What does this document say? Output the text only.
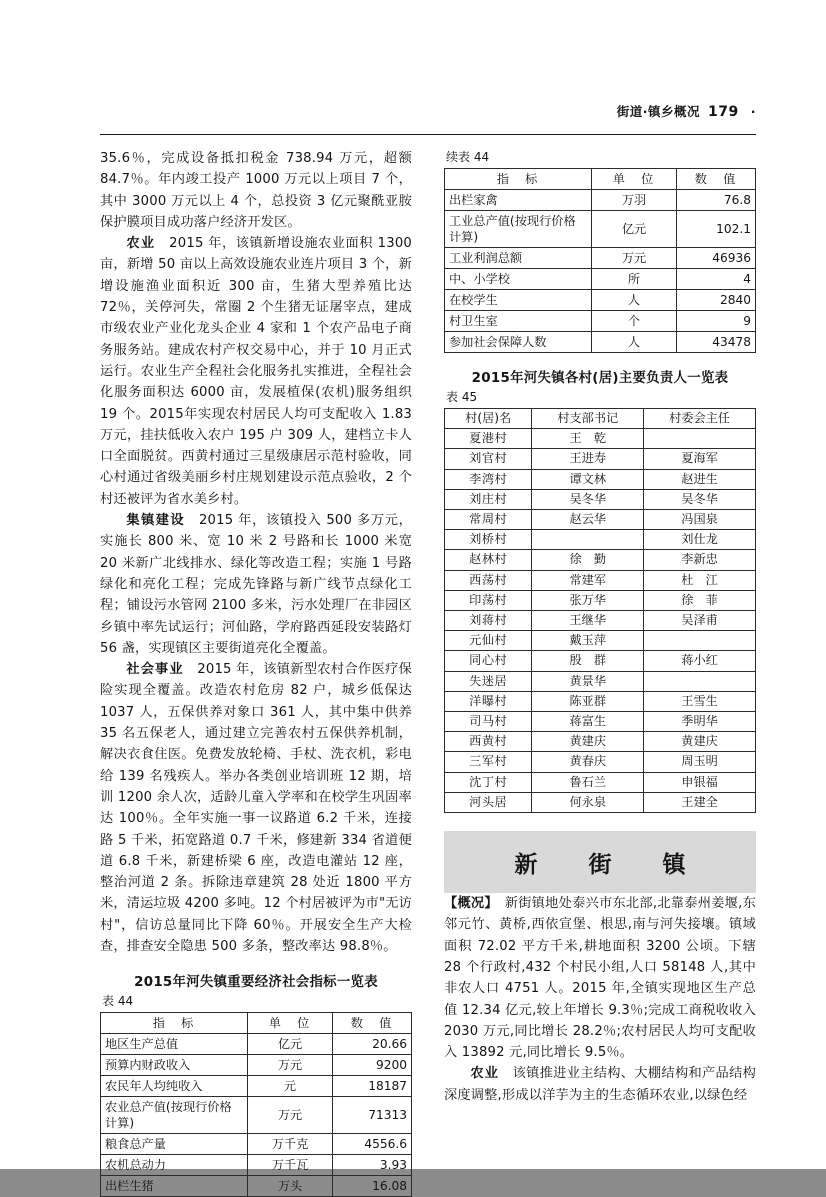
街道·镇乡概况 179 ·

35.6％，完成设备抵扣税金 738.94 万元，超额 84.7％。年内竣工投产 1000 万元以上项目 7 个，其中 3000 万元以上 4 个，总投资 3 亿元聚酰亚胺保护膜项目成功落户经济开发区。

农业　 2015 年，该镇新增设施农业面积 1300 亩，新增 50 亩以上高效设施农业连片项目 3 个，新增设施渔业面积近 300 亩，生猪大型养殖比达 72％，关停河失，常圈 2 个生猪无证屠宰点，建成市级农业产业化龙头企业 4 家和 1 个农产品电子商务服务站。建成农村产权交易中心，并于 10 月正式运行。农业生产全程社会化服务扎实推进，全程社会化服务面积达 6000 亩，发展植保(农机)服务组织 19 个。2015年实现农村居民人均可支配收入 1.83 万元，挂扶低收入农户 195 户 309 人，建档立卡人口全面脱贫。西黄村通过三星级康居示范村验收，同心村通过省级美丽乡村庄规划建设示范点验收，2 个村还被评为省水美乡村。

集镇建设　 2015 年，该镇投入 500 多万元，实施长 800 米、宽 10 米 2 号路和长 1000 米宽 20 米新广北线排水、绿化等改造工程；实施 1 号路绿化和亮化工程；完成先锋路与新广线节点绿化工程；铺设污水管网 2100 多米，污水处理厂在非园区乡镇中率先试运行；河仙路，学府路西延段安装路灯 56 盏，实现镇区主要街道亮化全覆盖。

社会事业　 2015 年，该镇新型农村合作医疗保险实现全覆盖。改造农村危房 82 户，城乡低保达 1037 人，五保供养对象口 361 人，其中集中供养 35 名五保老人，通过建立完善农村五保供养机制，解决衣食住医。免费发放轮椅、手杖、洗衣机，彩电给 139 名残疾人。举办各类创业培训班 12 期，培训 1200 余人次，适龄儿童入学率和在校学生巩固率达 100％。全年实施一事一议路道 6.2 千米，连接路 5 千米，拓宽路道 0.7 千米，修建新 334 省道便道 6.8 千米，新建桥梁 6 座，改造电灌站 12 座，整治河道 2 条。拆除违章建筑 28 处近 1800 平方米，清运垃圾 4200 多吨。12 个村居被评为市"无访村"，信访总量同比下降 60％。开展安全生产大检查，排查安全隐患 500 多条，整改率达 98.8％。

2015年河失镇重要经济社会指标一览表
表 44
指　标	单　位	数　值
地区生产总值	亿元	20.66
预算内财政收入	万元	9200
农民年人均纯收入	元	18187
农业总产值(按现行价格计算)	万元	71313
粮食总产量	万千克	4556.6
农机总动力	万千瓦	3.93
出栏生猪	万头	16.08
续表 44
指　标	单　位	数　值
出栏家禽	万羽	76.8
工业总产值(按现行价格计算)	亿元	102.1
工业利润总额	万元	46936
中、小学校	所	4
在校学生	人	2840
村卫生室	个	9
参加社会保障人数	人	43478
2015年河失镇各村(居)主要负责人一览表
表 45
村(居)名	村支部书记	村委会主任
夏港村	王　乾	
刘官村	王进寿	夏海军
李湾村	谭文林	赵进生
刘庄村	吴冬华	吴冬华
常周村	赵云华	冯国泉
刘桥村		刘仕龙
赵林村	徐　勤	李新忠
西荡村	常建军	杜　江
印荡村	张万华	徐　菲
刘蒋村	王继华	吴泽甫
元仙村	戴玉萍	
同心村	殷　群	蒋小红
失迷居	黄景华	
洋曝村	陈亚群	王雪生
司马村	蒋富生	季明华
西黄村	黄建庆	黄建庆
三军村	黄春庆	周玉明
沈丁村	鲁石兰	申银福
河头居	何永泉	王建全
新　街　镇

【概况】　 新街镇地处泰兴市东北部,北靠泰州姜堰,东邻元竹、黄桥,西依宣堡、根思,南与河失接壤。镇域面积 72.02 平方千米,耕地面积 3200 公顷。下辖 28 个行政村,432 个村民小组,人口 58148 人,其中非农人口 4751 人。2015 年,全镇实现地区生产总值 12.34 亿元,较上年增长 9.3％;完成工商税收收入 2030 万元,同比增长 28.2％;农村居民人均可支配收入 13892 元,同比增长 9.5％。

农业　 该镇推进业主结构、大棚结构和产品结构深度调整,形成以洋芋为主的生态循环农业,以绿色经
